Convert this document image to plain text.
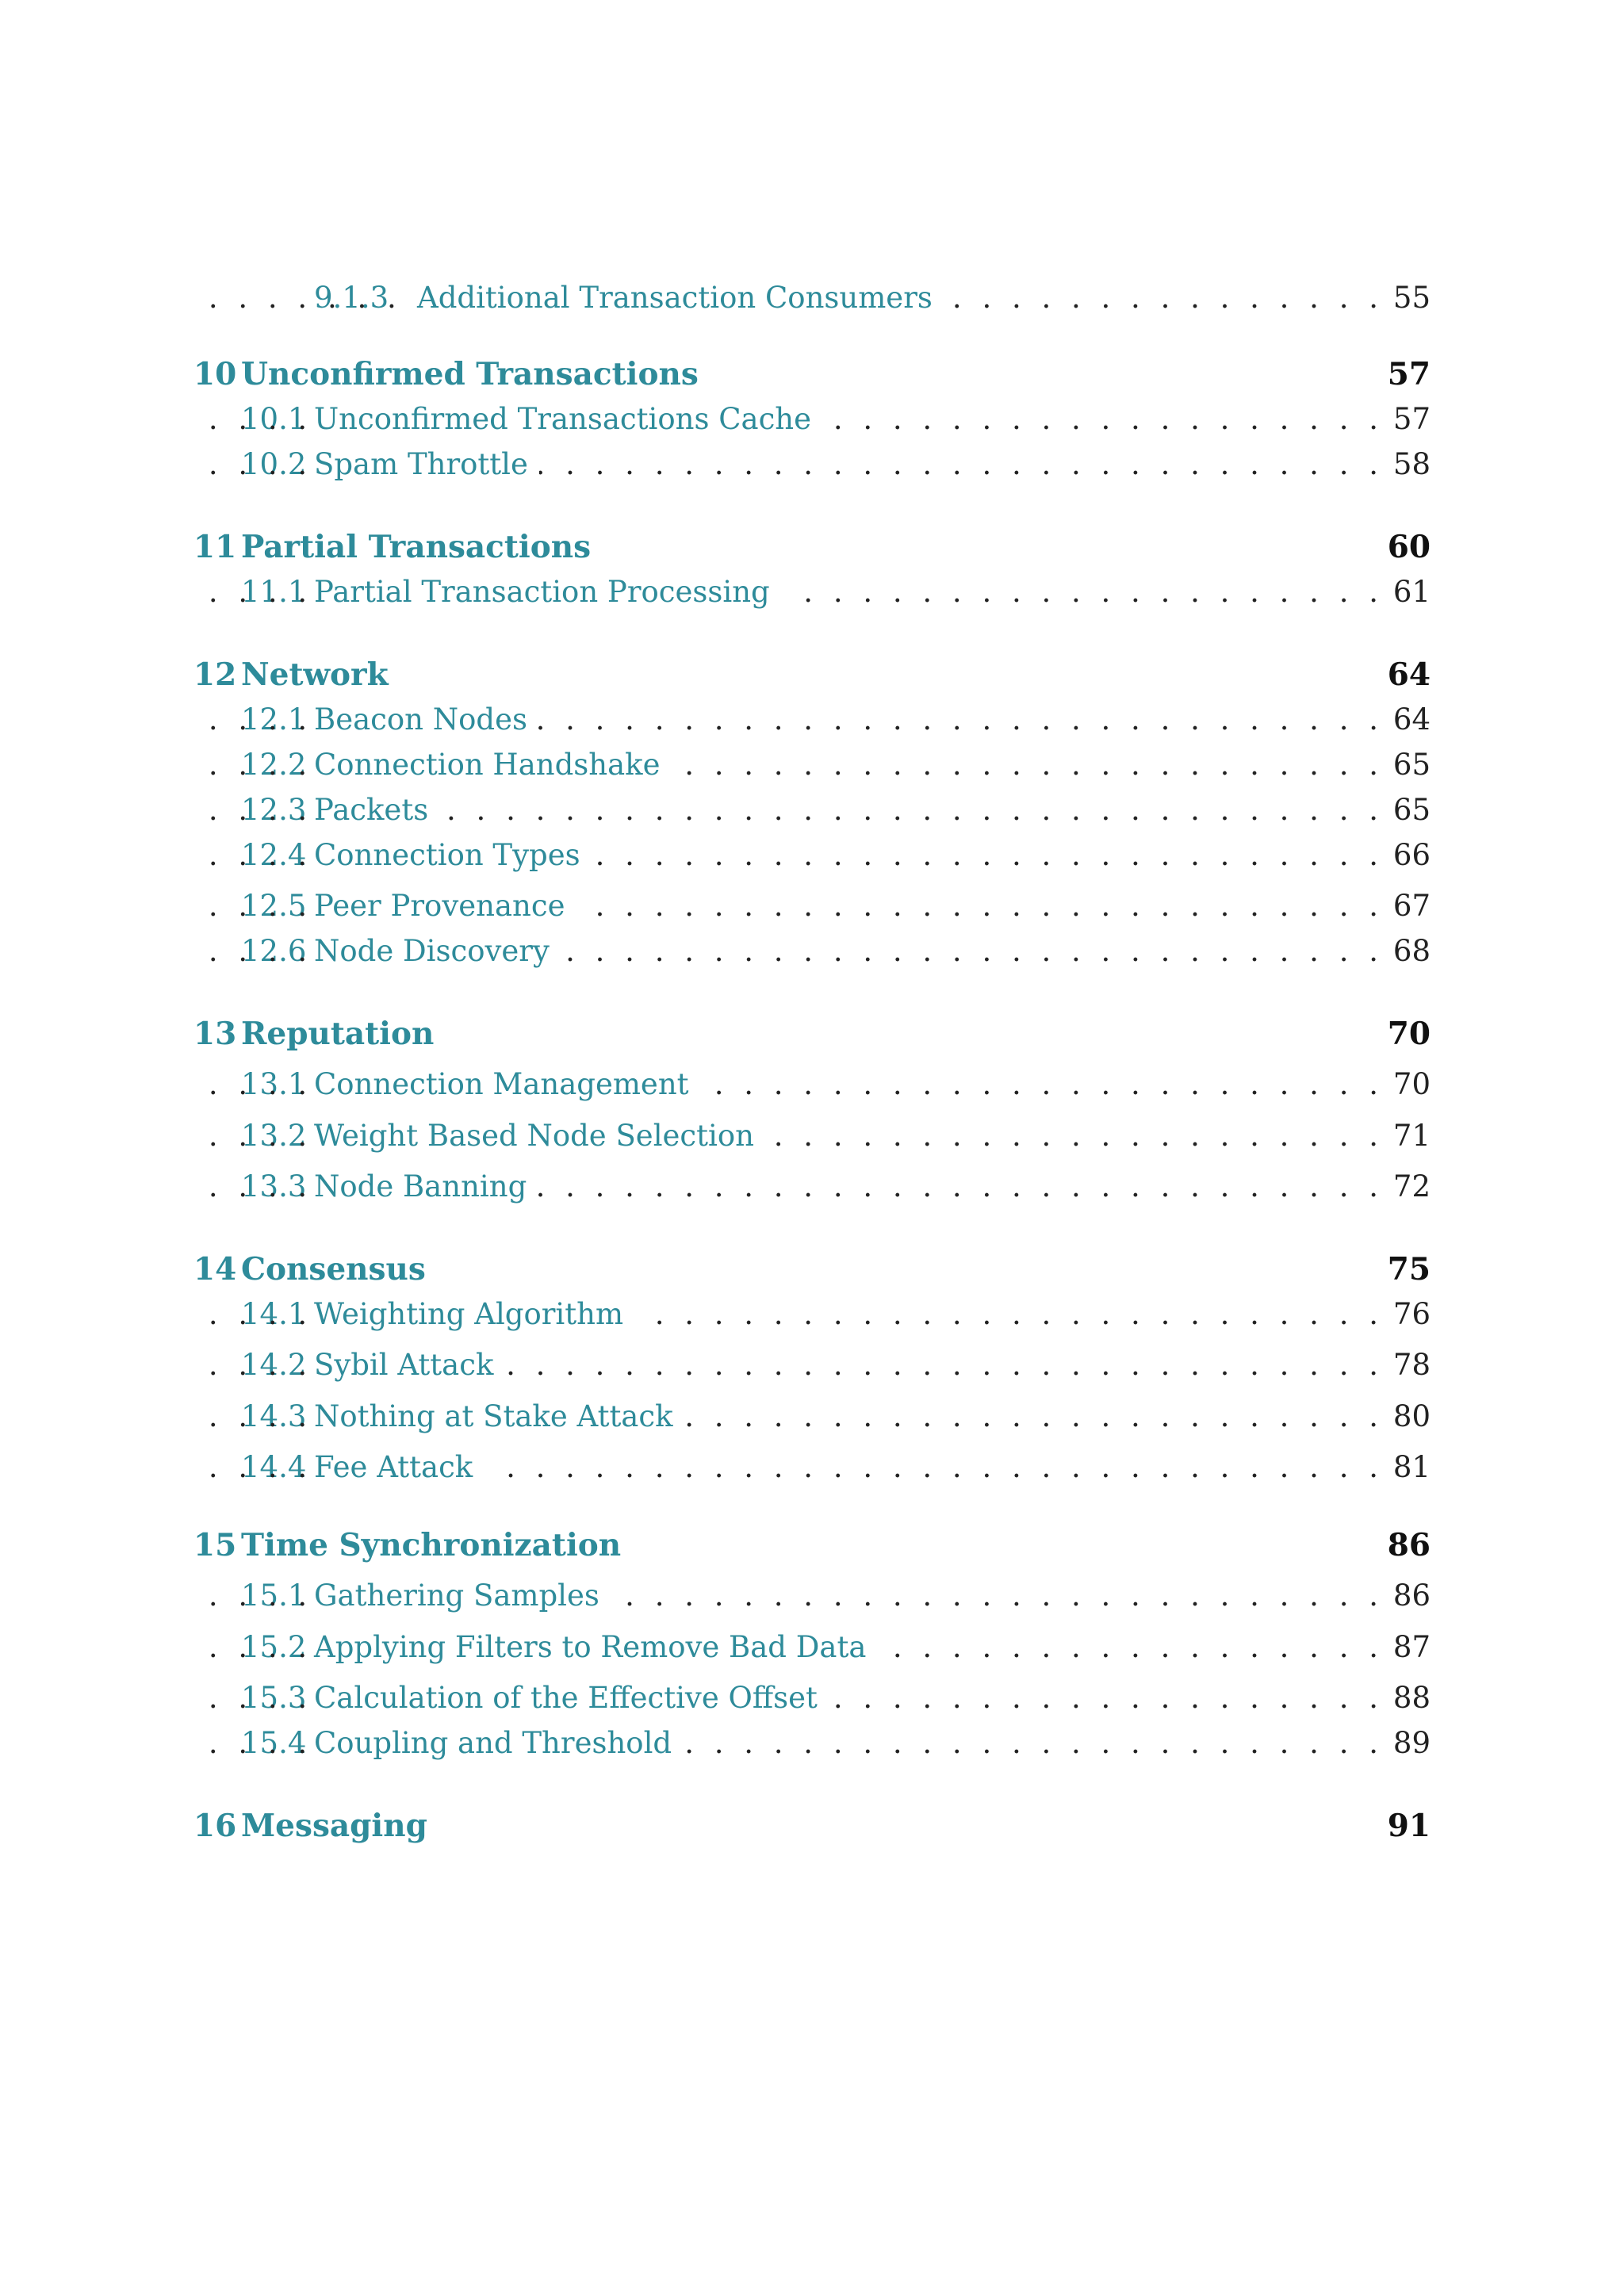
9.1.3 . . . Additional Transaction Consumers	55
10 Unconfirmed Transactions	57
10.1 . . . Unconfirmed Transactions Cache	57
10.2 . . . Spam Throttle	58
11 Partial Transactions	60
11.1 . . . Partial Transaction Processing	61
12 Network	64
12.1 . . . Beacon Nodes	64
12.2 . . . Connection Handshake	65
12.3 . . . Packets	65
12.4 . . . Connection Types	66
12.5 . . . Peer Provenance	67
12.6 . . . Node Discovery	68
13 Reputation	70
13.1 . . . Connection Management	70
13.2 . . . Weight Based Node Selection	71
13.3 . . . Node Banning	72
14 Consensus	75
14.1 . . . Weighting Algorithm	76
14.2 . . . Sybil Attack	78
14.3 . . . Nothing at Stake Attack	80
14.4 . . . Fee Attack	81
15 Time Synchronization	86
15.1 . . . Gathering Samples	86
15.2 . . . Applying Filters to Remove Bad Data	87
15.3 . . . Calculation of the Effective Offset	88
15.4 . . . Coupling and Threshold	89
16 Messaging	91
